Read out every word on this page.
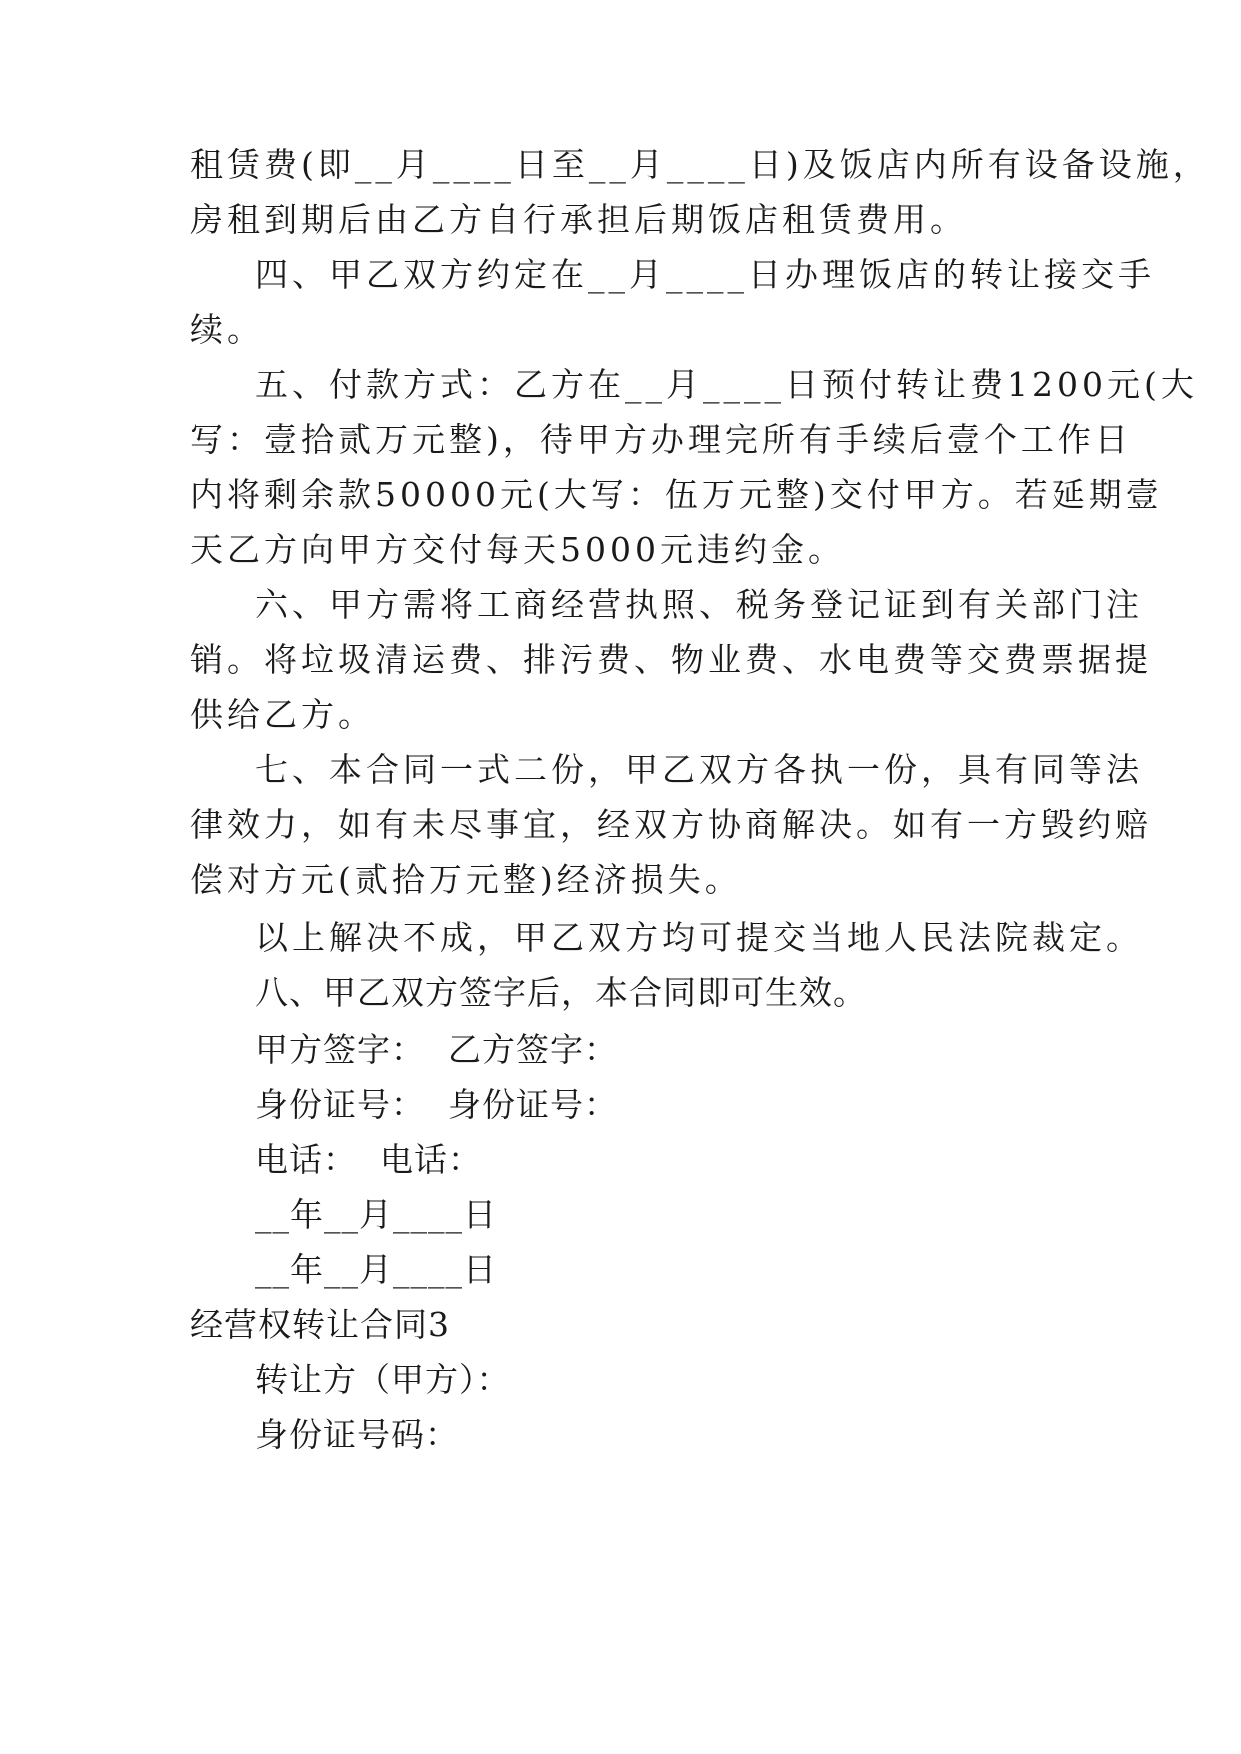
租赁费(即__月____日至__月____日)及饭店内所有设备设施，
房租到期后由乙方自行承担后期饭店租赁费用。
四、甲乙双方约定在__月____日办理饭店的转让接交手
续。
五、付款方式：乙方在__月____日预付转让费1200元(大
写：壹拾贰万元整)，待甲方办理完所有手续后壹个工作日
内将剩余款50000元(大写：伍万元整)交付甲方。若延期壹
天乙方向甲方交付每天5000元违约金。
六、甲方需将工商经营执照、税务登记证到有关部门注
销。将垃圾清运费、排污费、物业费、水电费等交费票据提
供给乙方。
七、本合同一式二份，甲乙双方各执一份，具有同等法
律效力，如有未尽事宜，经双方协商解决。如有一方毁约赔
偿对方元(贰拾万元整)经济损失。
以上解决不成，甲乙双方均可提交当地人民法院裁定。
八、甲乙双方签字后，本合同即可生效。
甲方签字：  乙方签字：
身份证号：  身份证号：
电话：  电话：
__年__月____日
__年__月____日
经营权转让合同3
转让方（甲方）：
身份证号码：
